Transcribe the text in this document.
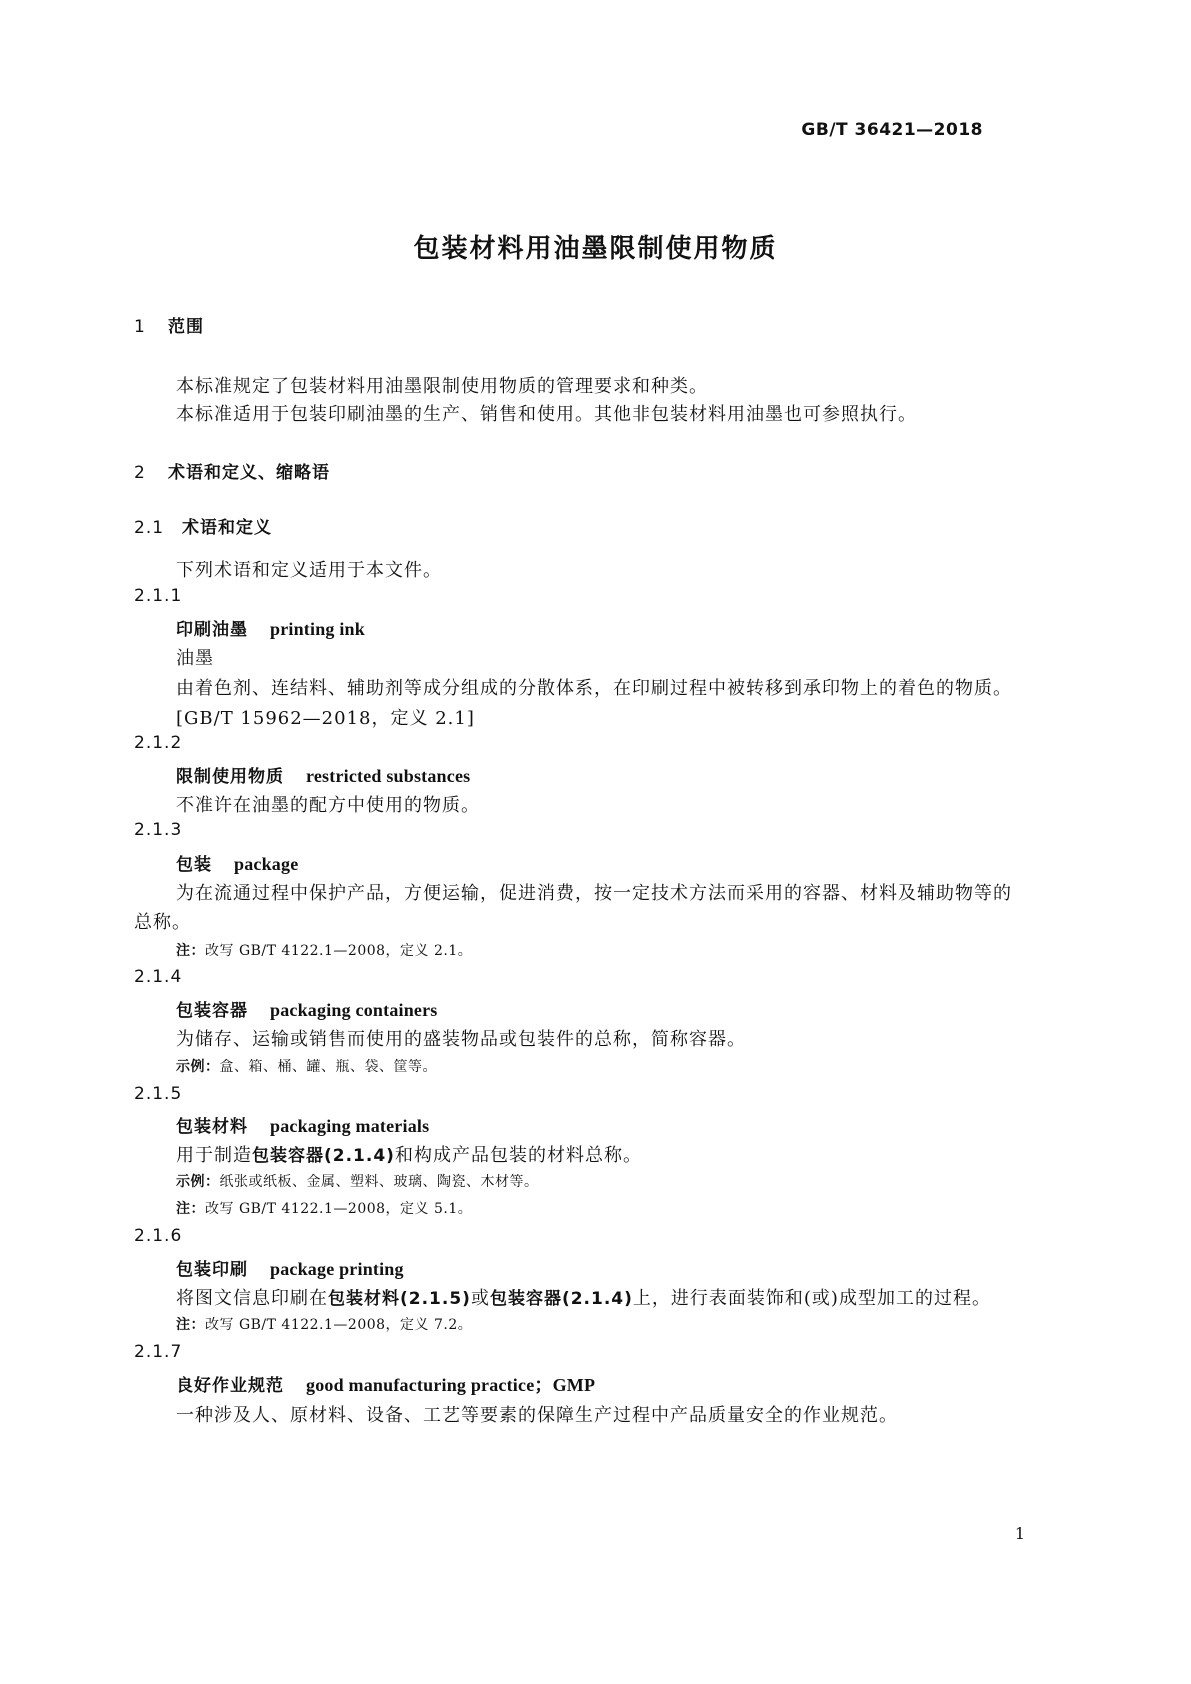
GB/T 36421—2018
包装材料用油墨限制使用物质
1 范围
本标准规定了包装材料用油墨限制使用物质的管理要求和种类。
本标准适用于包装印刷油墨的生产、销售和使用。其他非包装材料用油墨也可参照执行。
2 术语和定义、缩略语
2.1 术语和定义
下列术语和定义适用于本文件。
2.1.1
印刷油墨 printing ink
油墨
由着色剂、连结料、辅助剂等成分组成的分散体系，在印刷过程中被转移到承印物上的着色的物质。
[GB/T 15962—2018，定义 2.1]
2.1.2
限制使用物质 restricted substances
不准许在油墨的配方中使用的物质。
2.1.3
包装 package
为在流通过程中保护产品，方便运输，促进消费，按一定技术方法而采用的容器、材料及辅助物等的
总称。
注：改写 GB/T 4122.1—2008，定义 2.1。
2.1.4
包装容器 packaging containers
为储存、运输或销售而使用的盛装物品或包装件的总称，简称容器。
示例：盒、箱、桶、罐、瓶、袋、筐等。
2.1.5
包装材料 packaging materials
用于制造包装容器(2.1.4)和构成产品包装的材料总称。
示例：纸张或纸板、金属、塑料、玻璃、陶瓷、木材等。
注：改写 GB/T 4122.1—2008，定义 5.1。
2.1.6
包装印刷 package printing
将图文信息印刷在包装材料(2.1.5)或包装容器(2.1.4)上，进行表面装饰和(或)成型加工的过程。
注：改写 GB/T 4122.1—2008，定义 7.2。
2.1.7
良好作业规范 good manufacturing practice；GMP
一种涉及人、原材料、设备、工艺等要素的保障生产过程中产品质量安全的作业规范。
1
